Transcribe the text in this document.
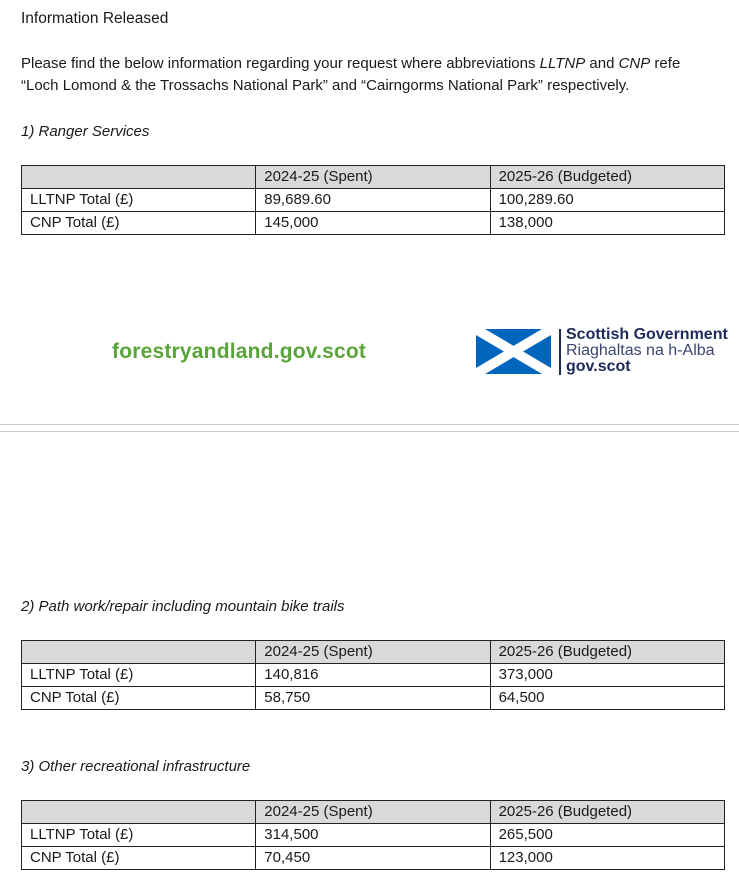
Information Released
Please find the below information regarding your request where abbreviations LLTNP and CNP refe
“Loch Lomond & the Trossachs National Park” and “Cairngorms National Park” respectively.
1) Ranger Services
	2024-25 (Spent)	2025-26 (Budgeted)
LLTNP Total (£)	89,689.60	100,289.60
CNP Total (£)	145,000	138,000
forestryandland.gov.scot
Scottish Government
Riaghaltas na h-Alba
gov.scot
2) Path work/repair including mountain bike trails
	2024-25 (Spent)	2025-26 (Budgeted)
LLTNP Total (£)	140,816	373,000
CNP Total (£)	58,750	64,500
3) Other recreational infrastructure
	2024-25 (Spent)	2025-26 (Budgeted)
LLTNP Total (£)	314,500	265,500
CNP Total (£)	70,450	123,000
